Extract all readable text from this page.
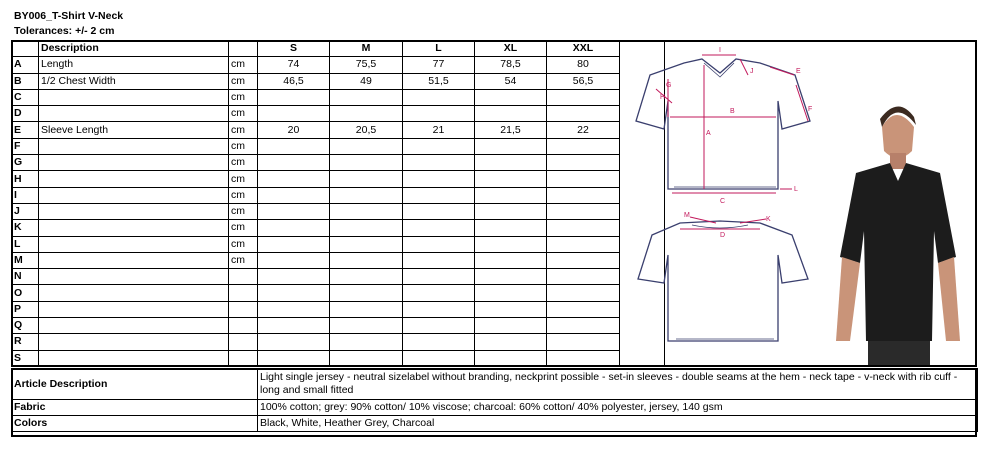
BY006_T-Shirt V-Neck
Tolerances: +/- 2 cm
	Description		S	M	L	XL	XXL	
A	Length	cm	74	75,5	77	78,5	80	
B	1/2 Chest Width	cm	46,5	49	51,5	54	56,5	
C		cm						
D		cm						
E	Sleeve Length	cm	20	20,5	21	21,5	22	
F		cm						
G		cm						
H		cm						
I		cm						
J		cm						
K		cm						
L		cm						
M		cm						
N								
O								
P								
Q								
R								
S								
I
J	E
G
H
B	F
A
L
C
M
K
D
Article Description	Light single jersey - neutral sizelabel without branding, neckprint possible - set-in sleeves - double seams at the hem - neck tape - v-neck with rib cuff - long and small fitted
Fabric	100% cotton; grey: 90% cotton/ 10% viscose; charcoal: 60% cotton/ 40% polyester, jersey, 140 gsm
Colors	Black, White, Heather Grey, Charcoal
